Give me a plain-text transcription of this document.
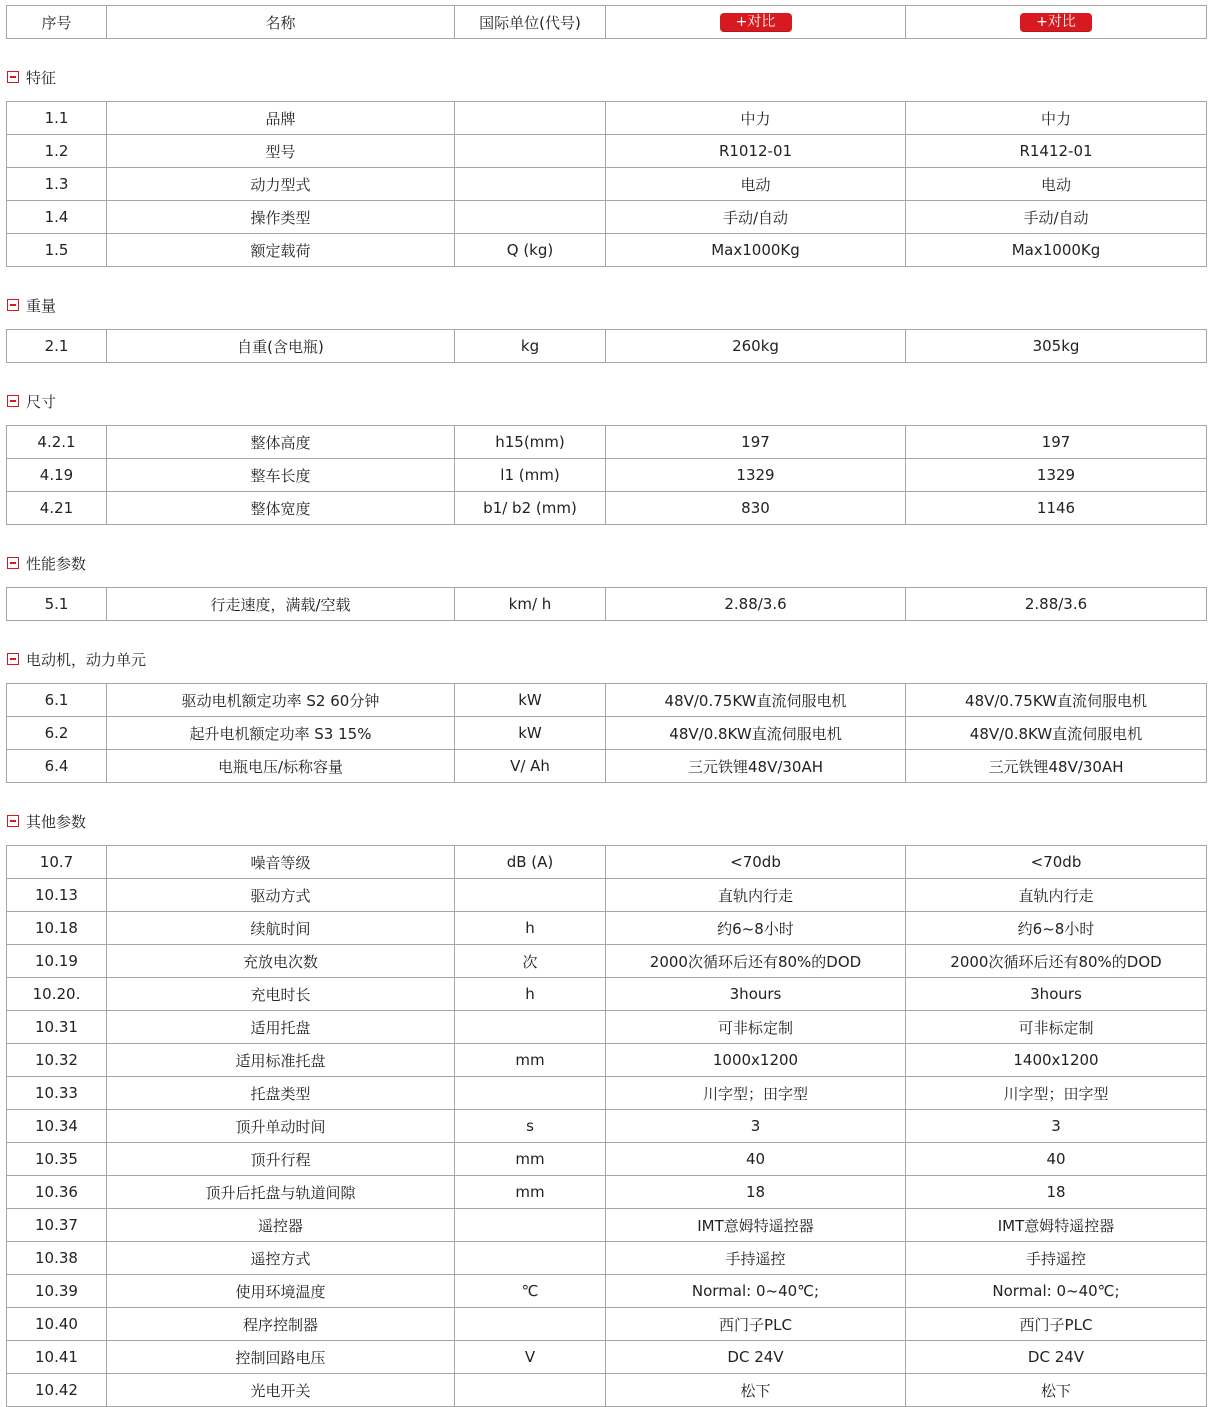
序号	名称	国际单位(代号)	+对比	+对比
特征
1.1	品牌		中力	中力
1.2	型号		R1012-01	R1412-01
1.3	动力型式		电动	电动
1.4	操作类型		手动/自动	手动/自动
1.5	额定载荷	Q (kg)	Max1000Kg	Max1000Kg
重量
2.1	自重(含电瓶)	kg	260kg	305kg
尺寸
4.2.1	整体高度	h15(mm)	197	197
4.19	整车长度	l1 (mm)	1329	1329
4.21	整体宽度	b1/ b2 (mm)	830	1146
性能参数
5.1	行走速度，满载/空载	km/ h	2.88/3.6	2.88/3.6
电动机，动力单元
6.1	驱动电机额定功率 S2 60分钟	kW	48V/0.75KW直流伺服电机	48V/0.75KW直流伺服电机
6.2	起升电机额定功率 S3 15%	kW	48V/0.8KW直流伺服电机	48V/0.8KW直流伺服电机
6.4	电瓶电压/标称容量	V/ Ah	三元铁锂48V/30AH	三元铁锂48V/30AH
其他参数
10.7	噪音等级	dB (A)	<70db	<70db
10.13	驱动方式		直轨内行走	直轨内行走
10.18	续航时间	h	约6~8小时	约6~8小时
10.19	充放电次数	次	2000次循环后还有80%的DOD	2000次循环后还有80%的DOD
10.20.	充电时长	h	3hours	3hours
10.31	适用托盘		可非标定制	可非标定制
10.32	适用标准托盘	mm	1000x1200	1400x1200
10.33	托盘类型		川字型；田字型	川字型；田字型
10.34	顶升单动时间	s	3	3
10.35	顶升行程	mm	40	40
10.36	顶升后托盘与轨道间隙	mm	18	18
10.37	遥控器		IMT意姆特遥控器	IMT意姆特遥控器
10.38	遥控方式		手持遥控	手持遥控
10.39	使用环境温度	℃	Normal: 0~40℃;	Normal: 0~40℃;
10.40	程序控制器		西门子PLC	西门子PLC
10.41	控制回路电压	V	DC 24V	DC 24V
10.42	光电开关		松下	松下
